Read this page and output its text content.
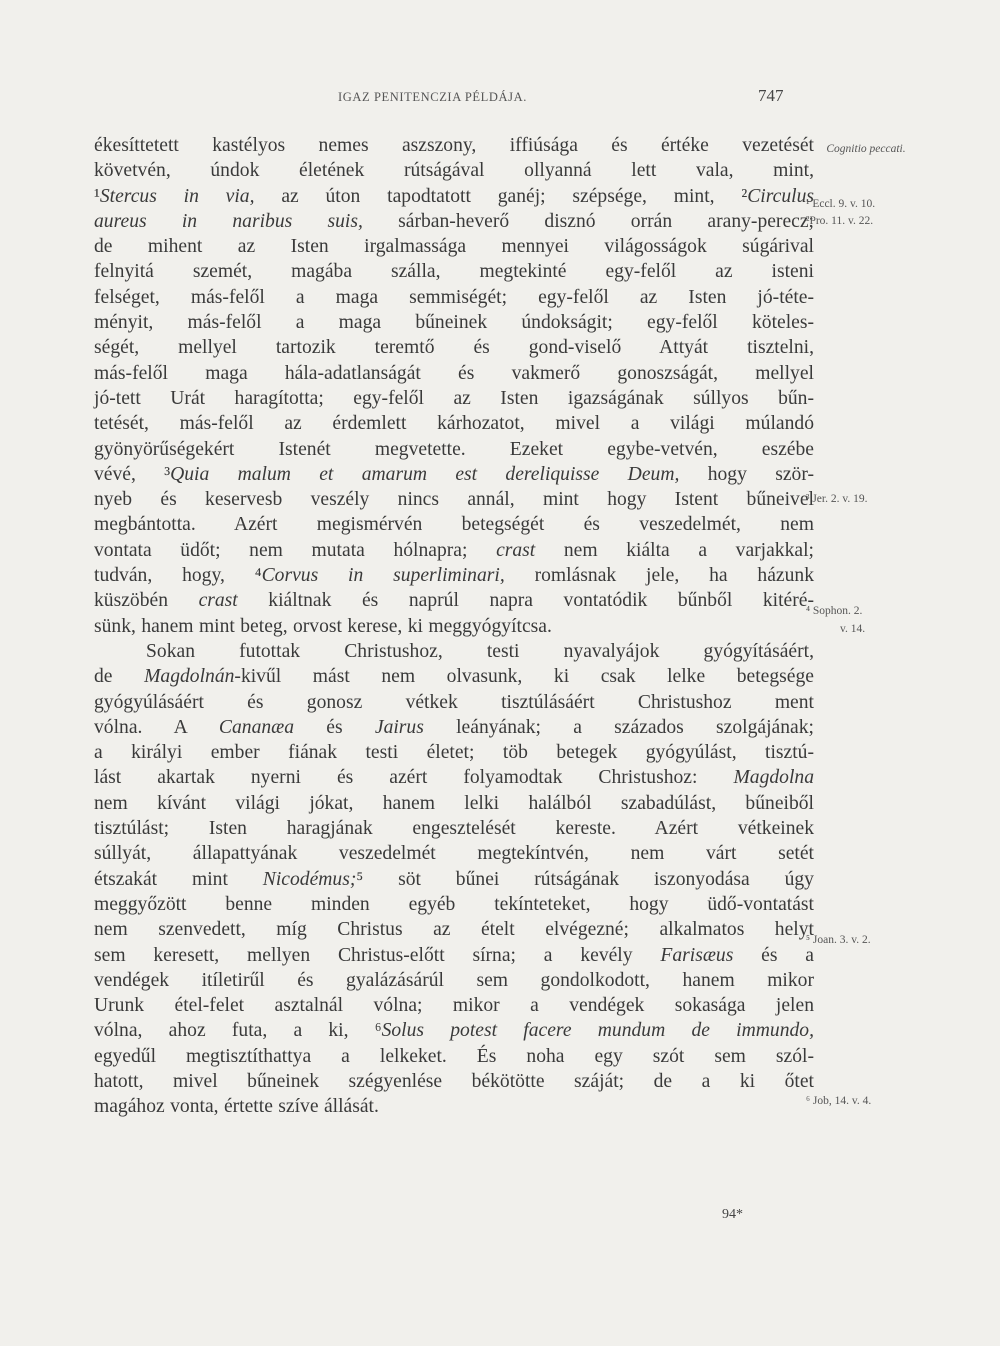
IGAZ PENITENCZIA PÉLDÁJA.	747
ékesíttetett kastélyos nemes aszszony, iffiúsága és értéke vezetését
követvén, úndok életének rútságával ollyanná lett vala, mint,
¹Stercus in via, az úton tapodtatott ganéj; szépsége, mint, ²Circulus
aureus in naribus suis, sárban-heverő disznó orrán arany-perecz;
de mihent az Isten irgalmassága mennyei világosságok súgárival
felnyitá szemét, magába szálla, megtekinté egy-felől az isteni
felséget, más-felől a maga semmiségét; egy-felől az Isten jó-téte-
ményit, más-felől a maga bűneinek úndokságit; egy-felől köteles-
ségét, mellyel tartozik teremtő és gond-viselő Attyát tisztelni,
más-felől maga hála-adatlanságát és vakmerő gonoszságát, mellyel
jó-tett Urát haragította; egy-felől az Isten igazságának súllyos bűn-
tetését, más-felől az érdemlett kárhozatot, mivel a világi múlandó
gyönyörűségekért Istenét megvetette. Ezeket egybe-vetvén, eszébe
vévé, ³Quia malum et amarum est dereliquisse Deum, hogy ször-
nyeb és keservesb veszély nincs annál, mint hogy Istent bűneivel
megbántotta. Azért megismérvén betegségét és veszedelmét, nem
vontata üdőt; nem mutata hólnapra; crast nem kiálta a varjakkal;
tudván, hogy, ⁴Corvus in superliminari, romlásnak jele, ha házunk
küszöbén crast kiáltnak és naprúl napra vontatódik bűnből kitéré-
sünk, hanem mint beteg, orvost kerese, ki meggyógyítcsa.
Sokan futottak Christushoz, testi nyavalyájok gyógyításáért,
de Magdolnán-kivűl mást nem olvasunk, ki csak lelke betegsége
gyógyúlásáért és gonosz vétkek tisztúlásáért Christushoz ment
vólna. A Cananæa és Jairus leányának; a százados szolgájának;
a királyi ember fiának testi életet; töb betegek gyógyúlást, tisztú-
lást akartak nyerni és azért folyamodtak Christushoz: Magdolna
nem kívánt világi jókat, hanem lelki halálból szabadúlást, bűneiből
tisztúlást; Isten haragjának engesztelését kereste. Azért vétkeinek
súllyát, állapattyának veszedelmét megtekíntvén, nem várt setét
étszakát mint Nicodémus;⁵ söt bűnei rútságának iszonyodása úgy
meggyőzött benne minden egyéb tekínteteket, hogy üdő-vontatást
nem szenvedett, míg Christus az ételt elvégezné; alkalmatos helyt
sem keresett, mellyen Christus-előtt sírna; a kevély Farisæus és a
vendégek itíletirűl és gyalázásárúl sem gondolkodott, hanem mikor
Urunk étel-felet asztalnál vólna; mikor a vendégek sokasága jelen
vólna, ahoz futa, a ki, ⁶Solus potest facere mundum de immundo,
egyedűl megtisztíthattya a lelkeket. És noha egy szót sem szól-
hatott, mivel bűneinek szégyenlése békötötte száját; de a ki őtet
magához vonta, értette szíve állását.
Cognitio peccati.
¹ Eccl. 9. v. 10.
²Pro. 11. v. 22.
³ Jer. 2. v. 19.
⁴ Sophon. 2.
v. 14.
⁵ Joan. 3. v. 2.
⁶ Job, 14. v. 4.
94*
